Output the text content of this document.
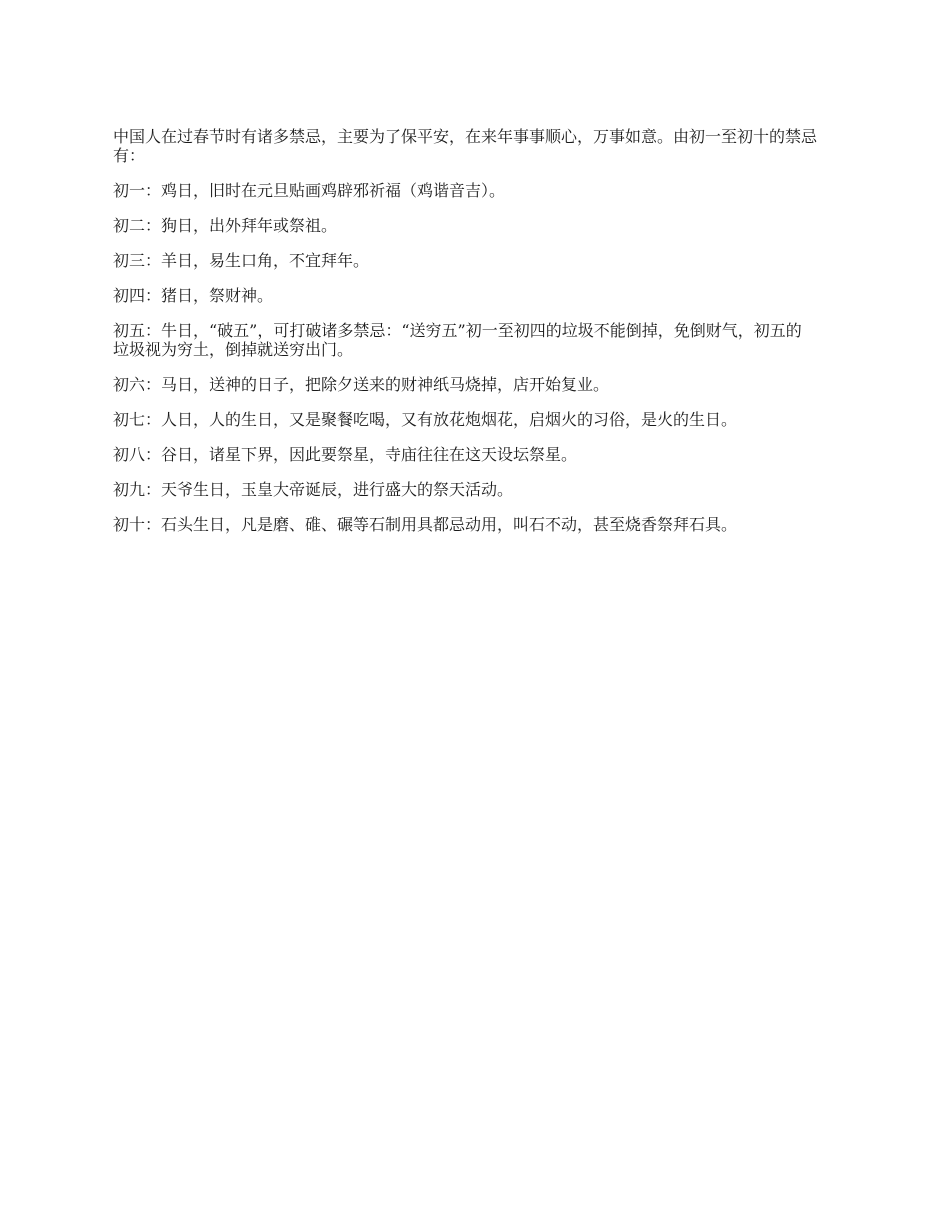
中国人在过春节时有诸多禁忌，主要为了保平安，在来年事事顺心，万事如意。由初一至初十的禁忌有：

初一：鸡日，旧时在元旦贴画鸡辟邪祈福（鸡谐音吉）。

初二：狗日，出外拜年或祭祖。

初三：羊日，易生口角，不宜拜年。

初四：猪日，祭财神。

初五：牛日，“破五”，可打破诸多禁忌：“送穷五”初一至初四的垃圾不能倒掉，免倒财气，初五的垃圾视为穷土，倒掉就送穷出门。

初六：马日，送神的日子，把除夕送来的财神纸马烧掉，店开始复业。

初七：人日，人的生日，又是聚餐吃喝，又有放花炮烟花，启烟火的习俗，是火的生日。

初八：谷日，诸星下界，因此要祭星，寺庙往往在这天设坛祭星。

初九：天爷生日，玉皇大帝诞辰，进行盛大的祭天活动。

初十：石头生日，凡是磨、碓、碾等石制用具都忌动用，叫石不动，甚至烧香祭拜石具。
